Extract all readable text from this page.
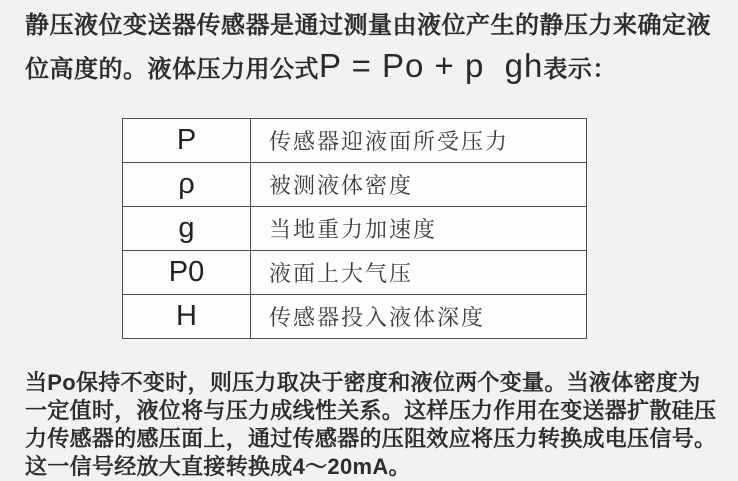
静压液位变送器传感器是通过测量由液位产生的静压力来确定液位高度的。液体压力用公式P = Po + p  gh表示：

P	传感器迎液面所受压力
ρ	被测液体密度
g	当地重力加速度
P0	液面上大气压
H	传感器投入液体深度

当Po保持不变时，则压力取决于密度和液位两个变量。当液体密度为
一定值时，液位将与压力成线性关系。这样压力作用在变送器扩散硅压
力传感器的感压面上，通过传感器的压阻效应将压力转换成电压信号。
这一信号经放大直接转换成4～20mA。
